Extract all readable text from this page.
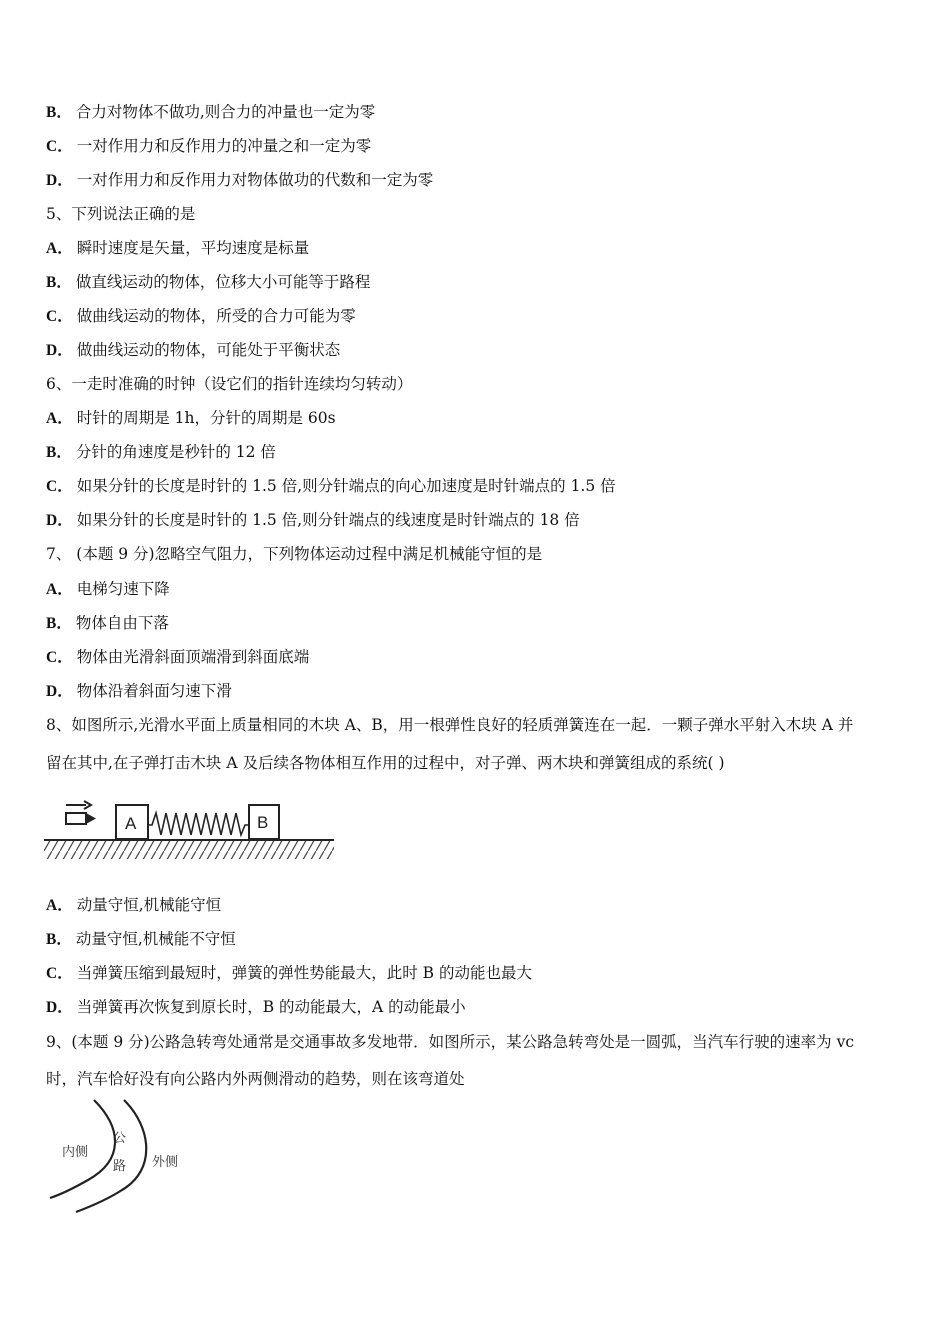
B． 合力对物体不做功,则合力的冲量也一定为零
C． 一对作用力和反作用力的冲量之和一定为零
D． 一对作用力和反作用力对物体做功的代数和一定为零
5、下列说法正确的是
A． 瞬时速度是矢量，平均速度是标量
B． 做直线运动的物体，位移大小可能等于路程
C． 做曲线运动的物体，所受的合力可能为零
D． 做曲线运动的物体，可能处于平衡状态
6、一走时准确的时钟（设它们的指针连续均匀转动）
A． 时针的周期是 1h，分针的周期是 60s
B． 分针的角速度是秒针的 12 倍
C． 如果分针的长度是时针的 1.5 倍,则分针端点的向心加速度是时针端点的 1.5 倍
D． 如果分针的长度是时针的 1.5 倍,则分针端点的线速度是时针端点的 18 倍
7、 (本题 9 分)忽略空气阻力，下列物体运动过程中满足机械能守恒的是
A． 电梯匀速下降
B． 物体自由下落
C． 物体由光滑斜面顶端滑到斜面底端
D． 物体沿着斜面匀速下滑
8、如图所示,光滑水平面上质量相同的木块 A、B，用一根弹性良好的轻质弹簧连在一起．一颗子弹水平射入木块 A 并
留在其中,在子弹打击木块 A 及后续各物体相互作用的过程中，对子弹、两木块和弹簧组成的系统( )
A	B
A． 动量守恒,机械能守恒
B． 动量守恒,机械能不守恒
C． 当弹簧压缩到最短时，弹簧的弹性势能最大，此时 B 的动能也最大
D． 当弹簧再次恢复到原长时，B 的动能最大，A 的动能最小
9、(本题 9 分)公路急转弯处通常是交通事故多发地带．如图所示，某公路急转弯处是一圆弧，当汽车行驶的速率为 vc
时，汽车恰好没有向公路内外两侧滑动的趋势，则在该弯道处
内侧
公
路 外侧
